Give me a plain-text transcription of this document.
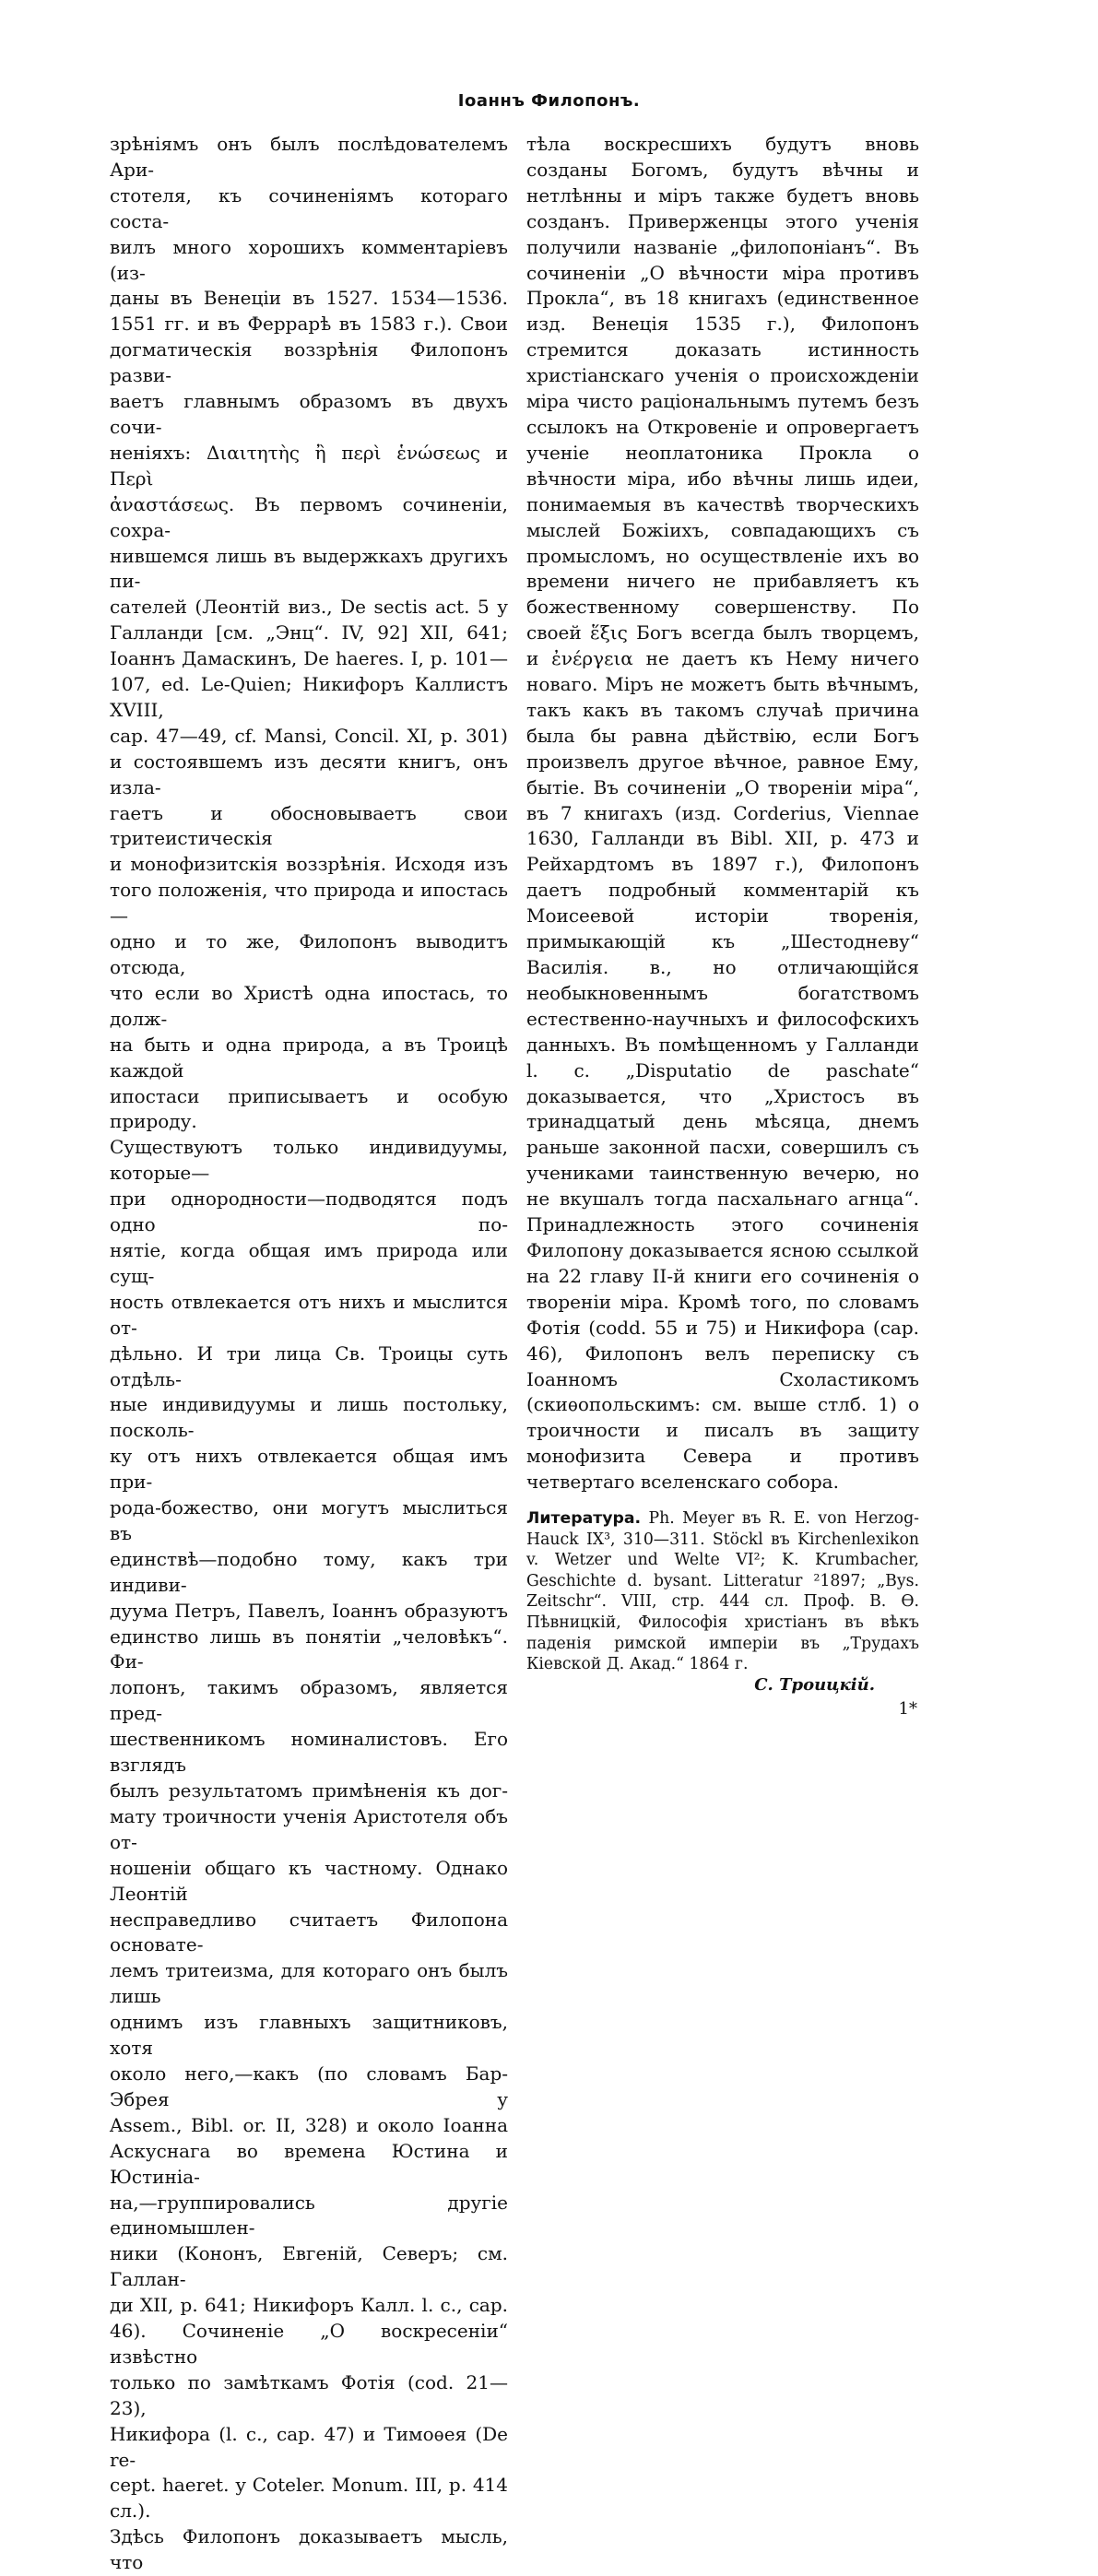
Іоаннъ Филопонъ.

зрѣніямъ онъ былъ послѣдователемъ Ари-

стотеля, къ сочиненіямъ котораго соста-

вилъ много хорошихъ комментаріевъ (из-

даны въ Венеціи въ 1527. 1534—1536.

1551 гг. и въ Феррарѣ въ 1583 г.). Свои

догматическія воззрѣнія Филопонъ разви-

ваетъ главнымъ образомъ въ двухъ сочи-

неніяхъ: Διαιτητὴς ἢ περὶ ἑνώσεως и Περὶ

ἀναστάσεως. Въ первомъ сочиненіи, сохра-

нившемся лишь въ выдержкахъ другихъ пи-

сателей (Леонтій виз., De sectis act. 5 у

Галланди [см. „Энц“. IV, 92] XII, 641;

Іоаннъ Дамаскинъ, De haeres. I, p. 101—

107, ed. Le-Quien; Никифоръ Каллистъ XVIII,

cap. 47—49, cf. Mansi, Concil. XI, p. 301)

и состоявшемъ изъ десяти книгъ, онъ изла-

гаетъ и обосновываетъ свои тритеистическія

и монофизитскія воззрѣнія. Исходя изъ

того положенія, что природа и ипостась—

одно и то же, Филопонъ выводитъ отсюда,

что если во Христѣ одна ипостась, то долж-

на быть и одна природа, а въ Троицѣ каждой

ипостаси приписываетъ и особую природу.

Существуютъ только индивидуумы, которые—

при однородности—подводятся подъ одно по-

нятіе, когда общая имъ природа или сущ-

ность отвлекается отъ нихъ и мыслится от-

дѣльно. И три лица Св. Троицы суть отдѣль-

ные индивидуумы и лишь постольку, посколь-

ку отъ нихъ отвлекается общая имъ при-

рода-божество, они могутъ мыслиться въ

единствѣ—подобно тому, какъ три индиви-

дуума Петръ, Павелъ, Іоаннъ образуютъ

единство лишь въ понятіи „человѣкъ“. Фи-

лопонъ, такимъ образомъ, является пред-

шественникомъ номиналистовъ. Его взглядъ

былъ результатомъ примѣненія къ дог-

мату троичности ученія Аристотеля объ от-

ношеніи общаго къ частному. Однако Леонтій

несправедливо считаетъ Филопона основате-

лемъ тритеизма, для котораго онъ былъ лишь

однимъ изъ главныхъ защитниковъ, хотя

около него,—какъ (по словамъ Бар-Эбрея у

Assem., Bibl. or. II, 328) и около Іоанна

Аскуснага во времена Юстина и Юстиніа-

на,—группировались другіе единомышлен-

ники (Кононъ, Евгеній, Северъ; см. Галлан-

ди XII, p. 641; Никифоръ Калл. l. c., cap.

46). Сочиненіе „О воскресеніи“ извѣстно

только по замѣткамъ Фотія (cod. 21—23),

Никифора (l. c., cap. 47) и Тимоѳея (De re-

cept. haeret. у Coteler. Monum. III, p. 414 сл.).

Здѣсь Филопонъ доказываетъ мысль, что

тѣла воскресшихъ будутъ вновь созданы Богомъ, будутъ вѣчны и нетлѣнны и міръ также будетъ вновь созданъ. Приверженцы этого ученія получили названіе „филопоніанъ“. Въ сочиненіи „О вѣчности міра противъ Прокла“, въ 18 книгахъ (единственное изд. Венеція 1535 г.), Филопонъ стремится доказать истинность христіанскаго ученія о происхожденіи міра чисто раціональнымъ путемъ безъ ссылокъ на Откровеніе и опровергаетъ ученіе неоплатоника Прокла о вѣчности міра, ибо вѣчны лишь идеи, понимаемыя въ качествѣ творческихъ мыслей Божіихъ, совпадающихъ съ промысломъ, но осуществленіе ихъ во времени ничего не прибавляетъ къ божественному совершенству. По своей ἕξις Богъ всегда былъ творцемъ, и ἐνέργεια не даетъ къ Нему ничего новаго. Міръ не можетъ быть вѣчнымъ, такъ какъ въ такомъ случаѣ причина была бы равна дѣйствію, если Богъ произвелъ другое вѣчное, равное Ему, бытіе. Въ сочиненіи „О твореніи міра“, въ 7 книгахъ (изд. Corderius, Viennae 1630, Галланди въ Bibl. XII, p. 473 и Рейхардтомъ въ 1897 г.), Филопонъ даетъ подробный комментарій къ Моисеевой исторіи творенія, примыкающій къ „Шестодневу“ Василія. в., но отличающійся необыкновеннымъ богатствомъ естественно-научныхъ и философскихъ данныхъ. Въ помѣщенномъ у Галланди l. c. „Disputatio de paschate“ доказывается, что „Христосъ въ тринадцатый день мѣсяца, днемъ раньше законной пасхи, совершилъ съ учениками таинственную вечерю, но не вкушалъ тогда пасхальнаго агнца“. Принадлежность этого сочиненія Филопону доказывается ясною ссылкой на 22 главу II-й книги его сочиненія о твореніи міра. Кромѣ того, по словамъ Фотія (codd. 55 и 75) и Никифора (cap. 46), Филопонъ велъ переписку съ Іоанномъ Схоластикомъ (скиѳопольскимъ: см. выше стлб. 1) о троичности и писалъ въ защиту монофизита Севера и противъ четвертаго вселенскаго собора.

Литература. Ph. Meyer въ R. E. von Herzog-Hauck IX³, 310—311. Stöckl въ Kirchenlexikon v. Wetzer und Welte VI²; K. Krumbacher, Geschichte d. bysant. Litteratur ²1897; „Bys. Zeitschr“. VIII, стр. 444 сл. Проф. В. Ѳ. Пѣвницкій, Философія христіанъ въ вѣкъ паденія римской имперіи въ „Трудахъ Кіевской Д. Акад.“ 1864 г.

С. Троицкій.
1*
